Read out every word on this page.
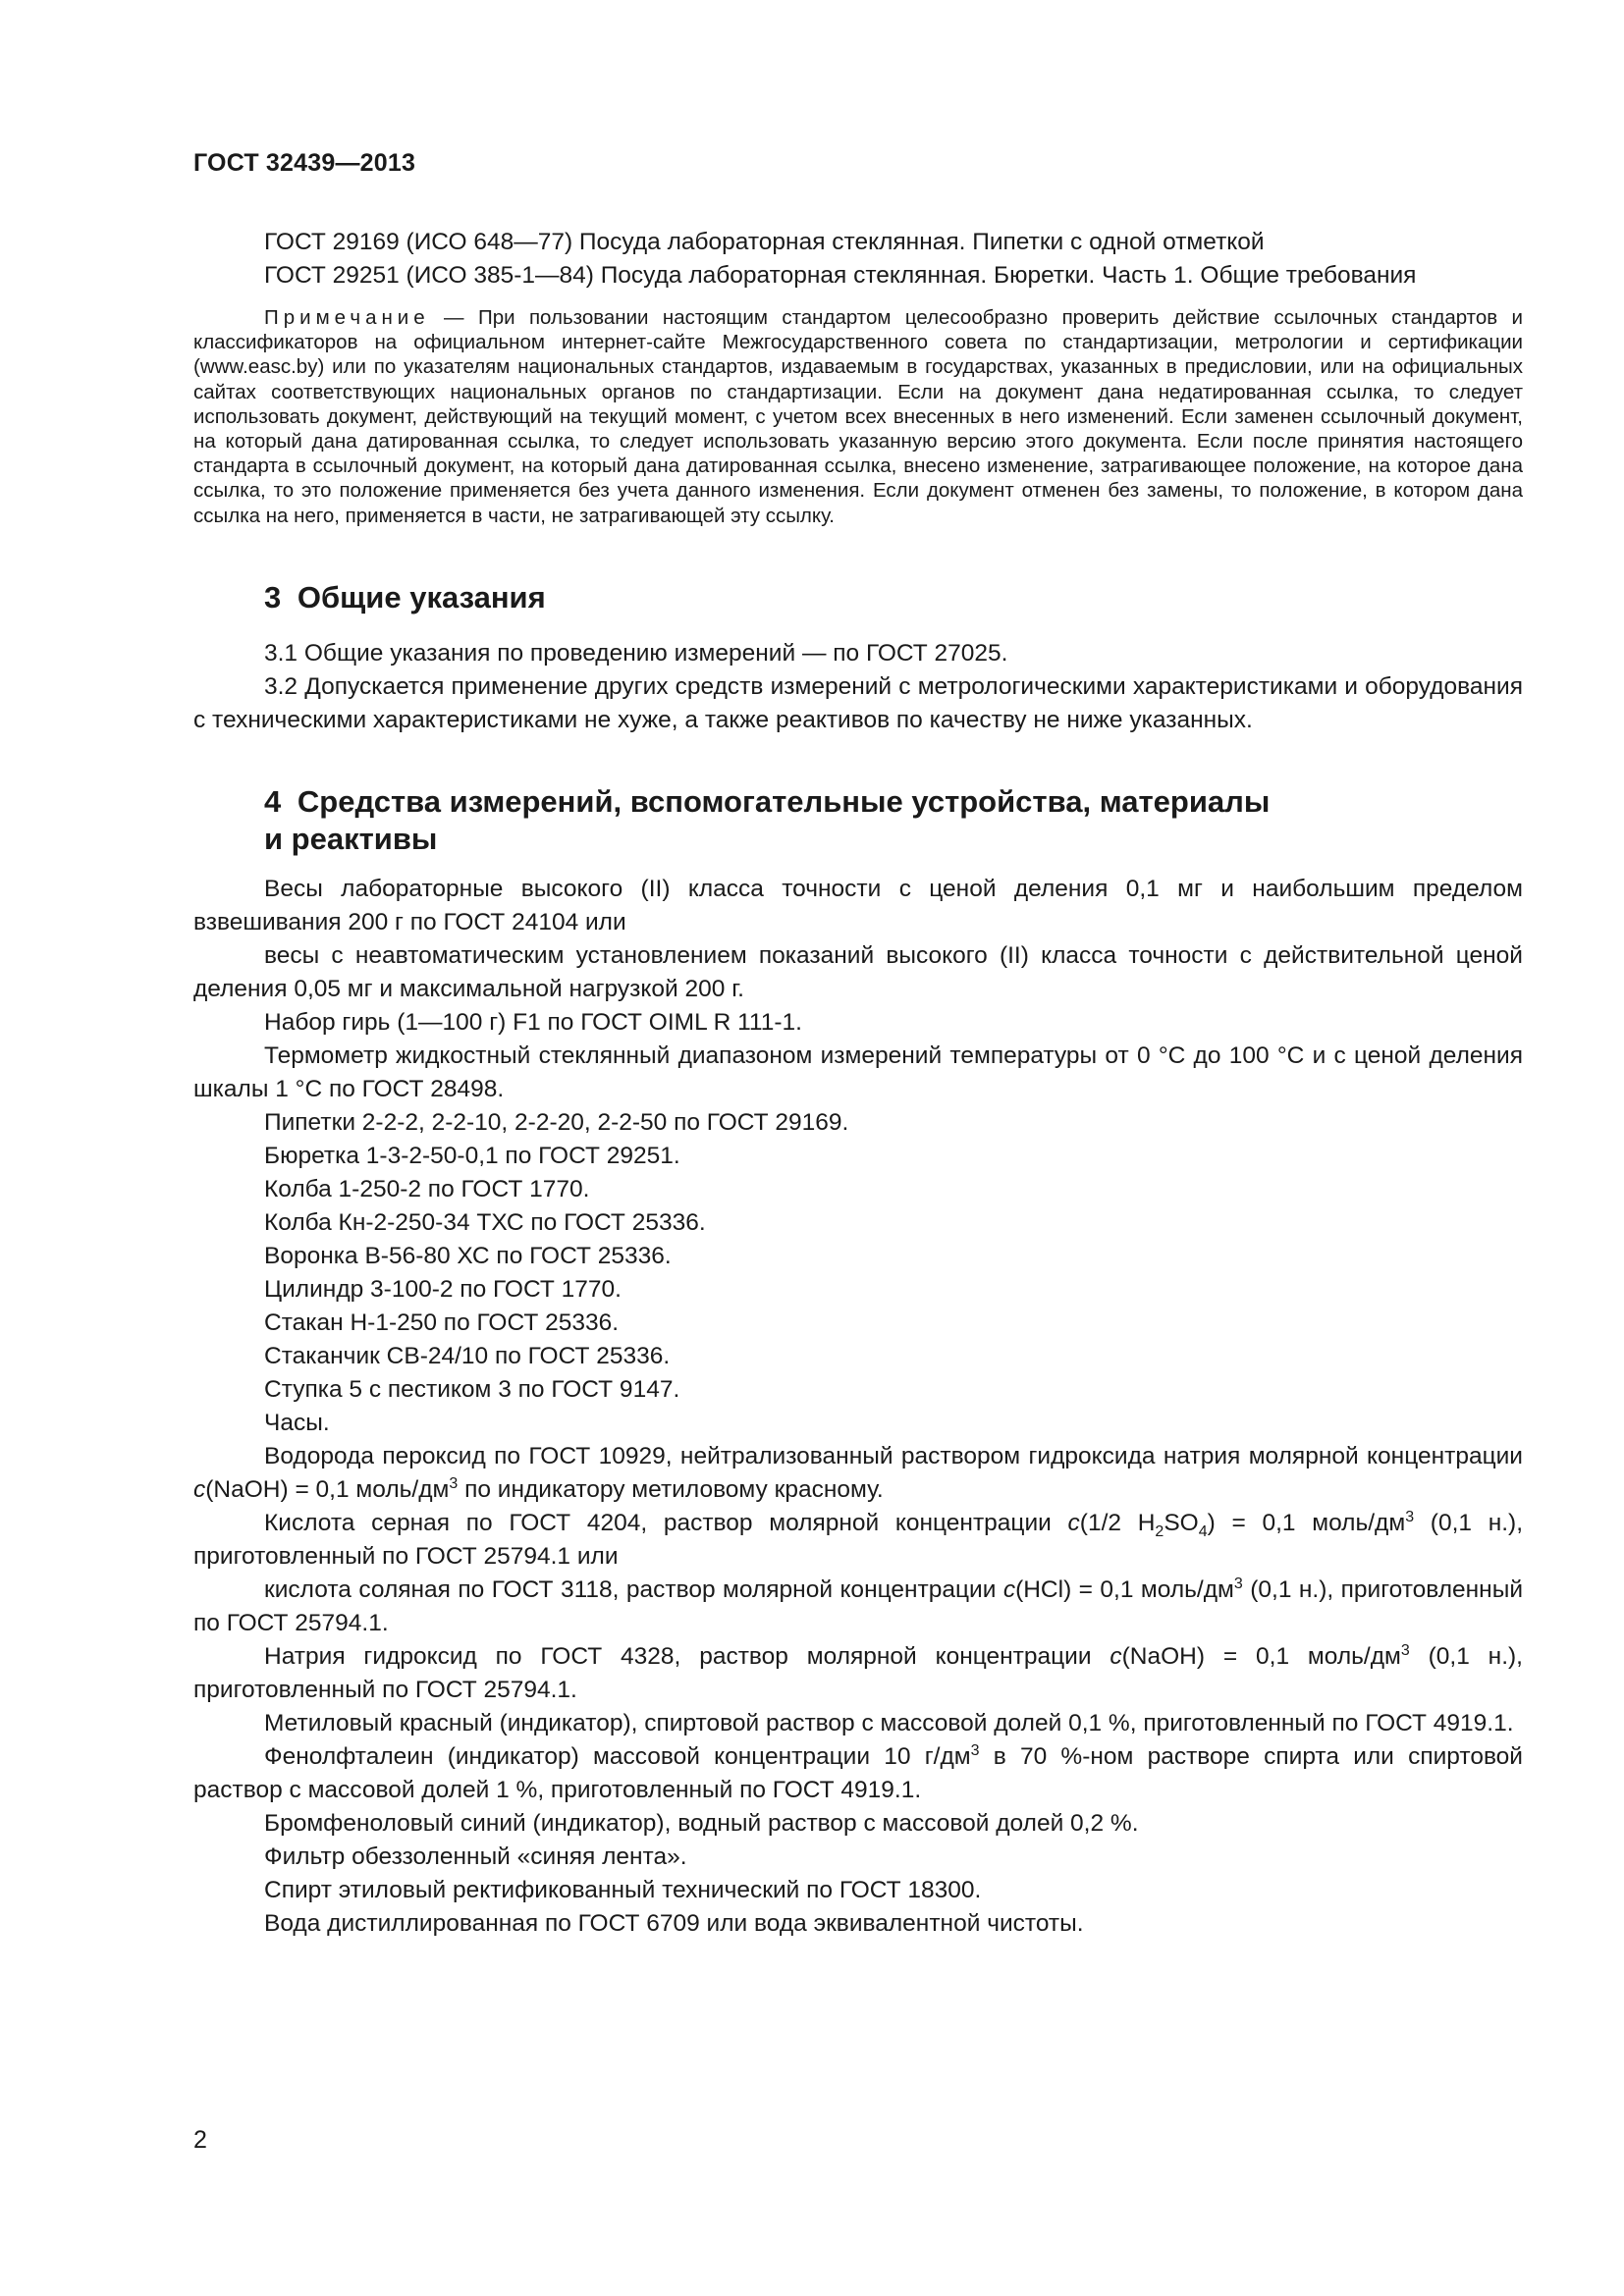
ГОСТ 32439—2013

ГОСТ 29169 (ИСО 648—77) Посуда лабораторная стеклянная. Пипетки с одной отметкой

ГОСТ 29251 (ИСО 385-1—84) Посуда лабораторная стеклянная. Бюретки. Часть 1. Общие требования

Примечание — При пользовании настоящим стандартом целесообразно проверить действие ссылочных стандартов и классификаторов на официальном интернет-сайте Межгосударственного совета по стандартизации, метрологии и сертификации (www.easc.by) или по указателям национальных стандартов, издаваемым в государствах, указанных в предисловии, или на официальных сайтах соответствующих национальных органов по стандартизации. Если на документ дана недатированная ссылка, то следует использовать документ, действующий на текущий момент, с учетом всех внесенных в него изменений. Если заменен ссылочный документ, на который дана датированная ссылка, то следует использовать указанную версию этого документа. Если после принятия настоящего стандарта в ссылочный документ, на который дана датированная ссылка, внесено изменение, затрагивающее положение, на которое дана ссылка, то это положение применяется без учета данного изменения. Если документ отменен без замены, то положение, в котором дана ссылка на него, применяется в части, не затрагивающей эту ссылку.
3 Общие указания

3.1 Общие указания по проведению измерений — по ГОСТ 27025.

3.2 Допускается применение других средств измерений с метрологическими характеристиками и оборудования с техническими характеристиками не хуже, а также реактивов по качеству не ниже указанных.

4 Средства измерений, вспомогательные устройства, материалы
и реактивы

Весы лабораторные высокого (II) класса точности с ценой деления 0,1 мг и наибольшим пределом взвешивания 200 г по ГОСТ 24104 или

весы с неавтоматическим установлением показаний высокого (II) класса точности с действительной ценой деления 0,05 мг и максимальной нагрузкой 200 г.

Набор гирь (1—100 г) F1 по ГОСТ OIML R 111-1.

Термометр жидкостный стеклянный диапазоном измерений температуры от 0 °С до 100 °С и с ценой деления шкалы 1 °С по ГОСТ 28498.

Пипетки 2-2-2, 2-2-10, 2-2-20, 2-2-50 по ГОСТ 29169.

Бюретка 1-3-2-50-0,1 по ГОСТ 29251.

Колба 1-250-2 по ГОСТ 1770.

Колба Кн-2-250-34 ТХС по ГОСТ 25336.

Воронка В-56-80 ХС по ГОСТ 25336.

Цилиндр 3-100-2 по ГОСТ 1770.

Стакан Н-1-250 по ГОСТ 25336.

Стаканчик СВ-24/10 по ГОСТ 25336.

Ступка 5 с пестиком 3 по ГОСТ 9147.

Часы.

Водорода пероксид по ГОСТ 10929, нейтрализованный раствором гидроксида натрия молярной концентрации c(NaOH) = 0,1 моль/$дм^3$ по индикатору метиловому красному.

Кислота серная по ГОСТ 4204, раствор молярной концентрации c(1/2 $H_2SO_4) = 0,1$ моль/$дм^3$ (0,1 н.), приготовленный по ГОСТ 25794.1 или

кислота соляная по ГОСТ 3118, раствор молярной концентрации c(HCl) = 0,1 моль/$дм^3$ (0,1 н.), приготовленный по ГОСТ 25794.1.

Натрия гидроксид по ГОСТ 4328, раствор молярной концентрации c(NaOH) = 0,1 моль/$дм^3$ (0,1 н.), приготовленный по ГОСТ 25794.1.

Метиловый красный (индикатор), спиртовой раствор с массовой долей 0,1 %, приготовленный по ГОСТ 4919.1.

Фенолфталеин (индикатор) массовой концентрации 10 $г/дм^3$ в 70 %-ном растворе спирта или спиртовой раствор с массовой долей 1 %, приготовленный по ГОСТ 4919.1.

Бромфеноловый синий (индикатор), водный раствор с массовой долей 0,2 %.

Фильтр обеззоленный «синяя лента».

Спирт этиловый ректификованный технический по ГОСТ 18300.

Вода дистиллированная по ГОСТ 6709 или вода эквивалентной чистоты.

2
